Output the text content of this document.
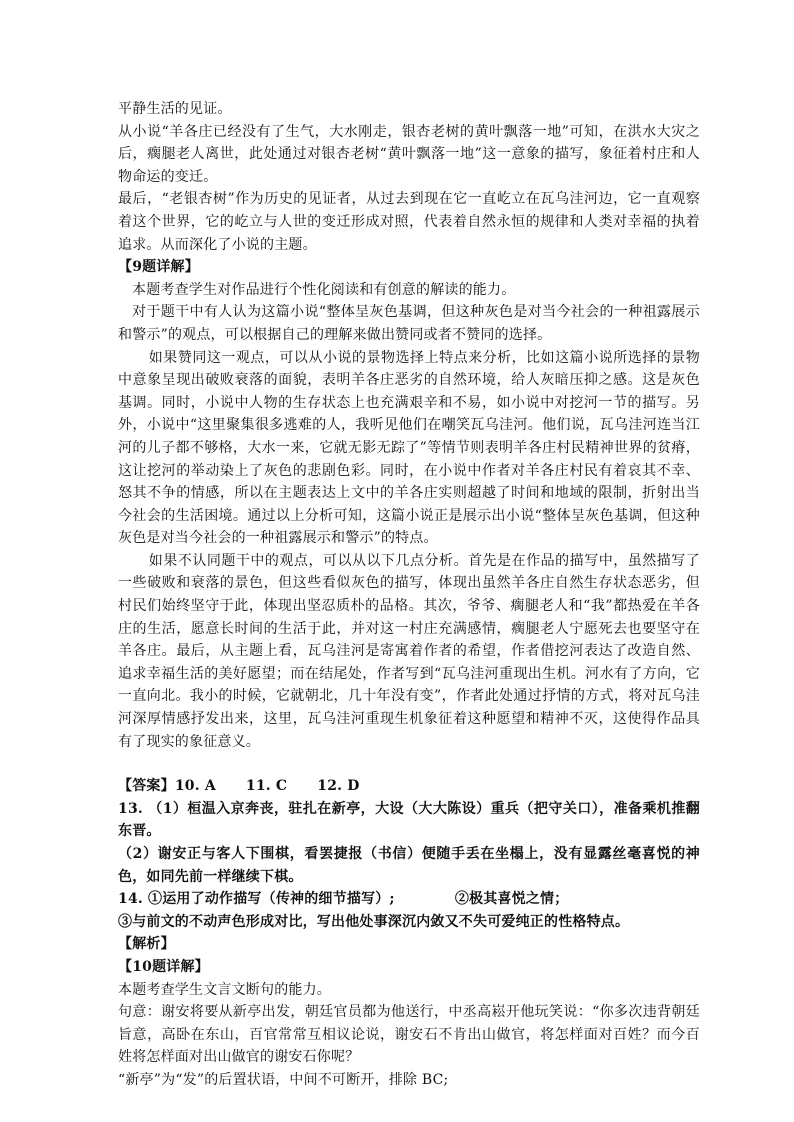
平静生活的见证。

从小说“羊各庄已经没有了生气，大水刚走，银杏老树的黄叶飘落一地”可知，在洪水大灾之后，瘸腿老人离世，此处通过对银杏老树“黄叶飘落一地”这一意象的描写，象征着村庄和人物命运的变迁。

最后，“老银杏树”作为历史的见证者，从过去到现在它一直屹立在瓦乌洼河边，它一直观察着这个世界，它的屹立与人世的变迁形成对照，代表着自然永恒的规律和人类对幸福的执着追求。从而深化了小说的主题。

【9题详解】

本题考查学生对作品进行个性化阅读和有创意的解读的能力。

对于题干中有人认为这篇小说“整体呈灰色基调，但这种灰色是对当今社会的一种祖露展示和警示”的观点，可以根据自己的理解来做出赞同或者不赞同的选择。

如果赞同这一观点，可以从小说的景物选择上特点来分析，比如这篇小说所选择的景物中意象呈现出破败衰落的面貌，表明羊各庄恶劣的自然环境，给人灰暗压抑之感。这是灰色基调。同时，小说中人物的生存状态上也充满艰辛和不易，如小说中对挖河一节的描写。另外，小说中“这里聚集很多逃难的人，我听见他们在嘲笑瓦乌洼河。他们说，瓦乌洼河连当江河的儿子都不够格，大水一来，它就无影无踪了”等情节则表明羊各庄村民精神世界的贫瘠，这让挖河的举动染上了灰色的悲剧色彩。同时，在小说中作者对羊各庄村民有着哀其不幸、怒其不争的情感，所以在主题表达上文中的羊各庄实则超越了时间和地域的限制，折射出当今社会的生活困境。通过以上分析可知，这篇小说正是展示出小说“整体呈灰色基调，但这种灰色是对当今社会的一种祖露展示和警示”的特点。

如果不认同题干中的观点，可以从以下几点分析。首先是在作品的描写中，虽然描写了一些破败和衰落的景色，但这些看似灰色的描写，体现出虽然羊各庄自然生存状态恶劣，但村民们始终坚守于此，体现出坚忍质朴的品格。其次，爷爷、瘸腿老人和“我”都热爱在羊各庄的生活，愿意长时间的生活于此，并对这一村庄充满感情，瘸腿老人宁愿死去也要坚守在羊各庄。最后，从主题上看，瓦乌洼河是寄寓着作者的希望，作者借挖河表达了改造自然、追求幸福生活的美好愿望；而在结尾处，作者写到“瓦乌洼河重现出生机。河水有了方向，它一直向北。我小的时候，它就朝北，几十年没有变”，作者此处通过抒情的方式，将对瓦乌洼河深厚情感抒发出来，这里，瓦乌洼河重现生机象征着这种愿望和精神不灭，这使得作品具有了现实的象征意义。

【答案】10. A 11. C 12. D

13. （1）桓温入京奔丧，驻扎在新亭，大设（大大陈设）重兵（把守关口），准备乘机推翻东晋。

（2）谢安正与客人下围棋，看罢捷报（书信）便随手丢在坐榻上，没有显露丝毫喜悦的神色，如同先前一样继续下棋。

14. ①运用了动作描写（传神的细节描写）;	②极其喜悦之情；

③与前文的不动声色形成对比，写出他处事深沉内敛又不失可爱纯正的性格特点。

【解析】

【10题详解】

本题考查学生文言文断句的能力。

句意：谢安将要从新亭出发，朝廷官员都为他送行，中丞高崧开他玩笑说：“你多次违背朝廷旨意，高卧在东山，百官常常互相议论说，谢安石不肯出山做官，将怎样面对百姓？而今百姓将怎样面对出山做官的谢安石你呢？

“新亭”为“发”的后置状语，中间不可断开，排除 BC;
